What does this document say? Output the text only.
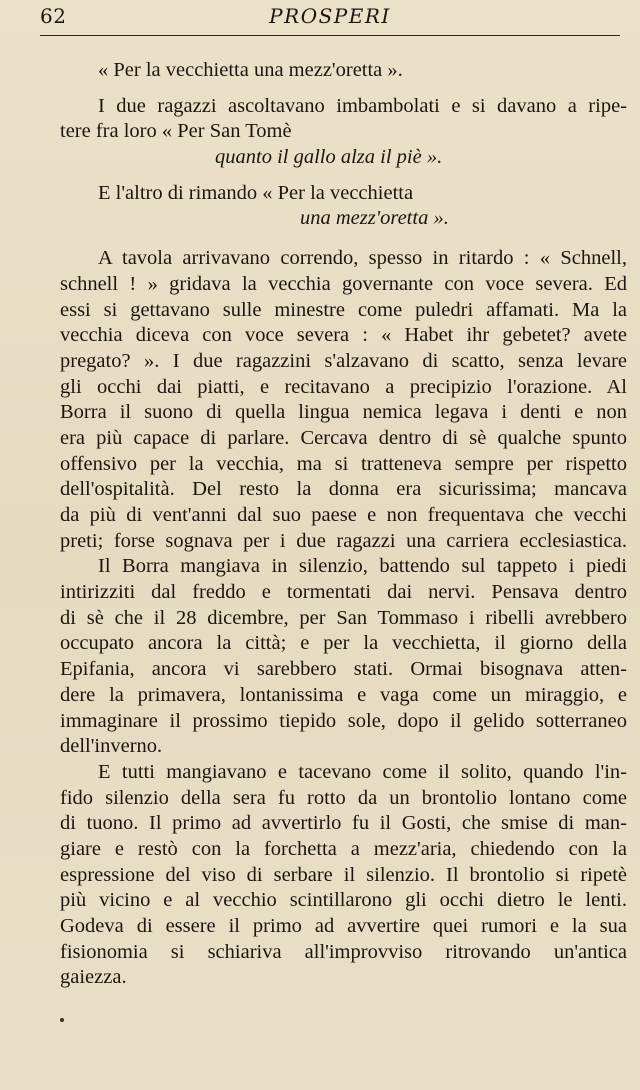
62	PROSPERI
« Per la vecchietta una mezz'oretta ».
I due ragazzi ascoltavano imbambolati e si davano a ripe-
tere fra loro « Per San Tomè
quanto il gallo alza il piè ».
E l'altro di rimando « Per la vecchietta
una mezz'oretta ».
A tavola arrivavano correndo, spesso in ritardo : « Schnell,
schnell ! » gridava la vecchia governante con voce severa. Ed
essi si gettavano sulle minestre come puledri affamati. Ma la
vecchia diceva con voce severa : « Habet ihr gebetet? avete
pregato? ». I due ragazzini s'alzavano di scatto, senza levare
gli occhi dai piatti, e recitavano a precipizio l'orazione. Al
Borra il suono di quella lingua nemica legava i denti e non
era più capace di parlare. Cercava dentro di sè qualche spunto
offensivo per la vecchia, ma si tratteneva sempre per rispetto
dell'ospitalità. Del resto la donna era sicurissima; mancava
da più di vent'anni dal suo paese e non frequentava che vecchi
preti; forse sognava per i due ragazzi una carriera ecclesiastica.
Il Borra mangiava in silenzio, battendo sul tappeto i piedi
intirizziti dal freddo e tormentati dai nervi. Pensava dentro
di sè che il 28 dicembre, per San Tommaso i ribelli avrebbero
occupato ancora la città; e per la vecchietta, il giorno della
Epifania, ancora vi sarebbero stati. Ormai bisognava atten-
dere la primavera, lontanissima e vaga come un miraggio, e
immaginare il prossimo tiepido sole, dopo il gelido sotterraneo
dell'inverno.
E tutti mangiavano e tacevano come il solito, quando l'in-
fido silenzio della sera fu rotto da un brontolio lontano come
di tuono. Il primo ad avvertirlo fu il Gosti, che smise di man-
giare e restò con la forchetta a mezz'aria, chiedendo con la
espressione del viso di serbare il silenzio. Il brontolio si ripetè
più vicino e al vecchio scintillarono gli occhi dietro le lenti.
Godeva di essere il primo ad avvertire quei rumori e la sua
fisionomia si schiariva all'improvviso ritrovando un'antica
gaiezza.
